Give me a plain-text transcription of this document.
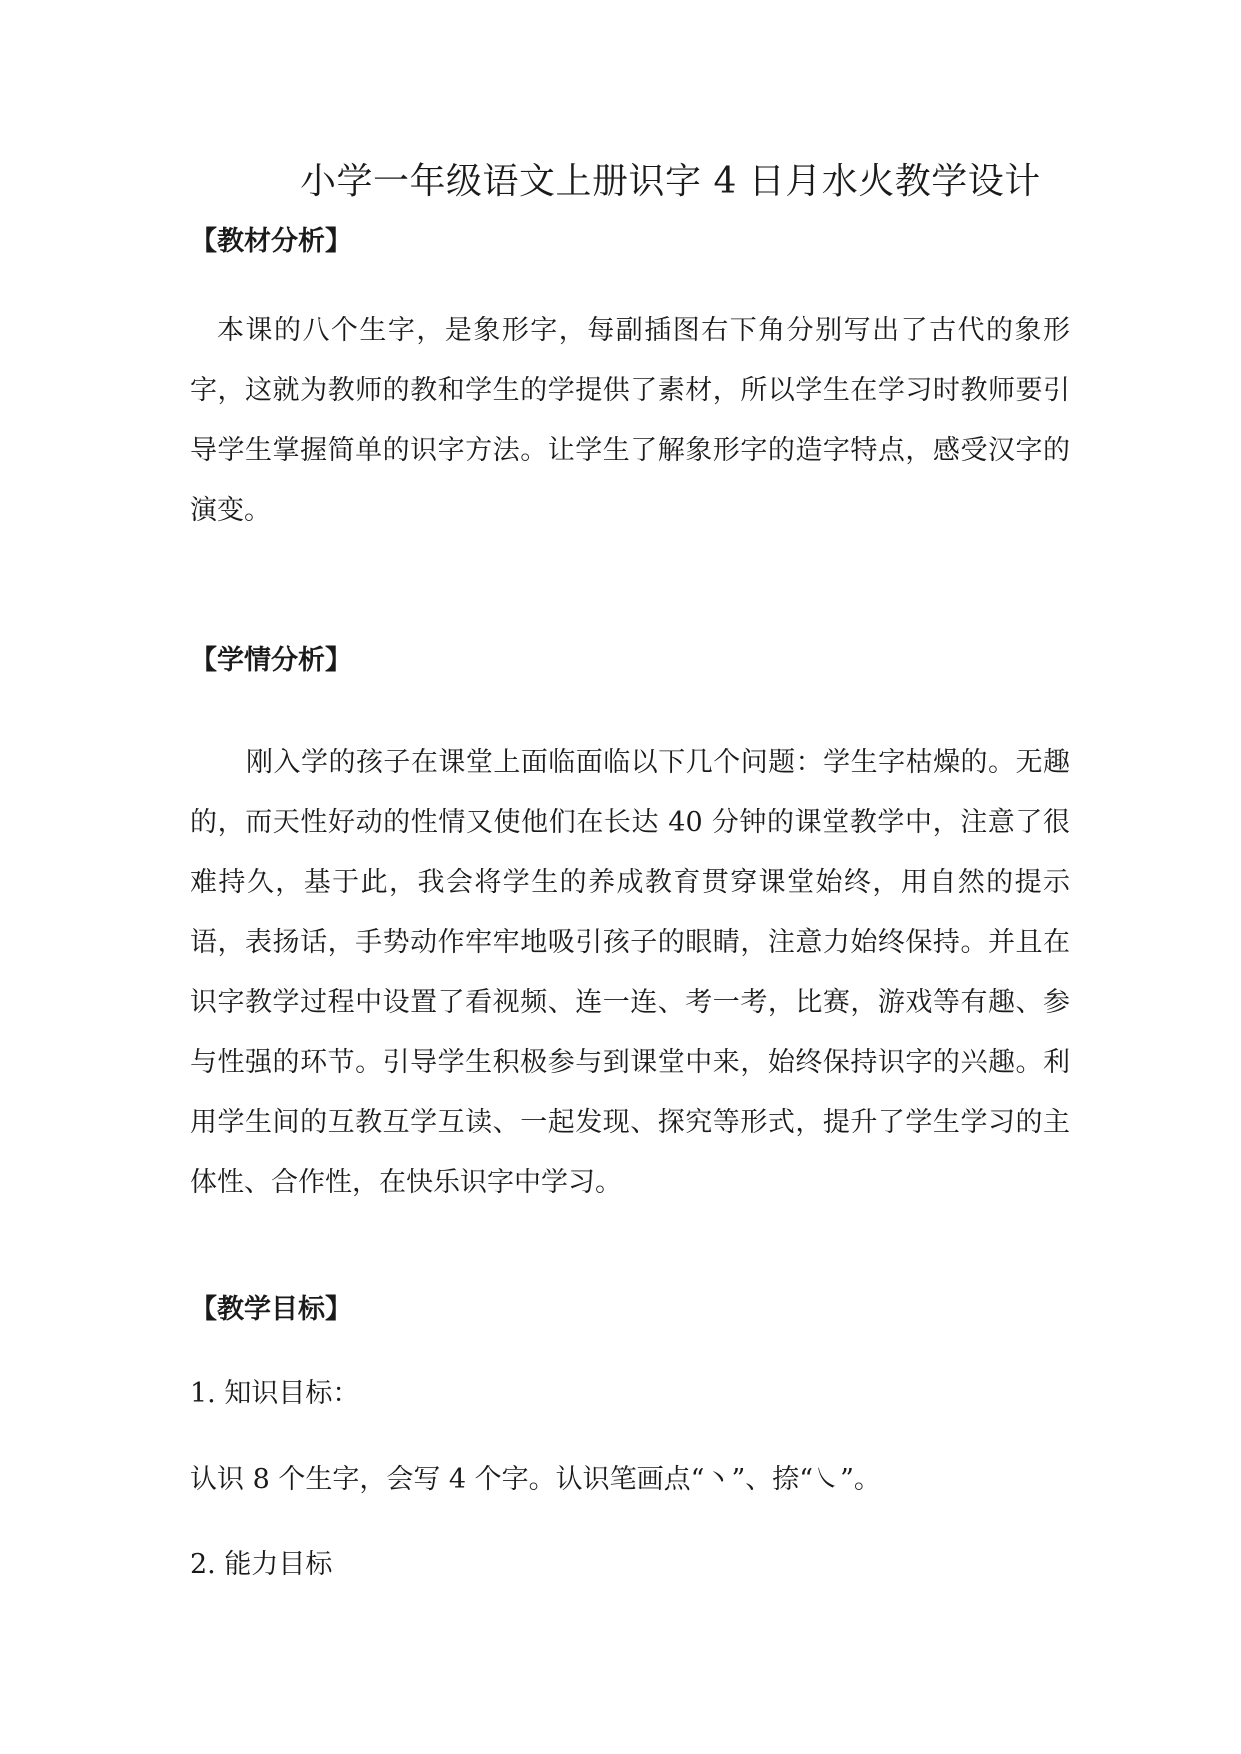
小学一年级语文上册识字 4 日月水火教学设计
【教材分析】

本课的八个生字，是象形字，每副插图右下角分别写出了古代的象形字，这就为教师的教和学生的学提供了素材，所以学生在学习时教师要引导学生掌握简单的识字方法。让学生了解象形字的造字特点，感受汉字的演变。

【学情分析】

刚入学的孩子在课堂上面临面临以下几个问题：学生字枯燥的。无趣的，而天性好动的性情又使他们在长达 40 分钟的课堂教学中，注意了很难持久，基于此，我会将学生的养成教育贯穿课堂始终，用自然的提示语，表扬话，手势动作牢牢地吸引孩子的眼睛，注意力始终保持。并且在识字教学过程中设置了看视频、连一连、考一考，比赛，游戏等有趣、参与性强的环节。引导学生积极参与到课堂中来，始终保持识字的兴趣。利用学生间的互教互学互读、一起发现、探究等形式，提升了学生学习的主体性、合作性，在快乐识字中学习。

【教学目标】
1. 知识目标：
认识 8 个生字，会写 4 个字。认识笔画点“丶”、捺“㇏”。
2. 能力目标
